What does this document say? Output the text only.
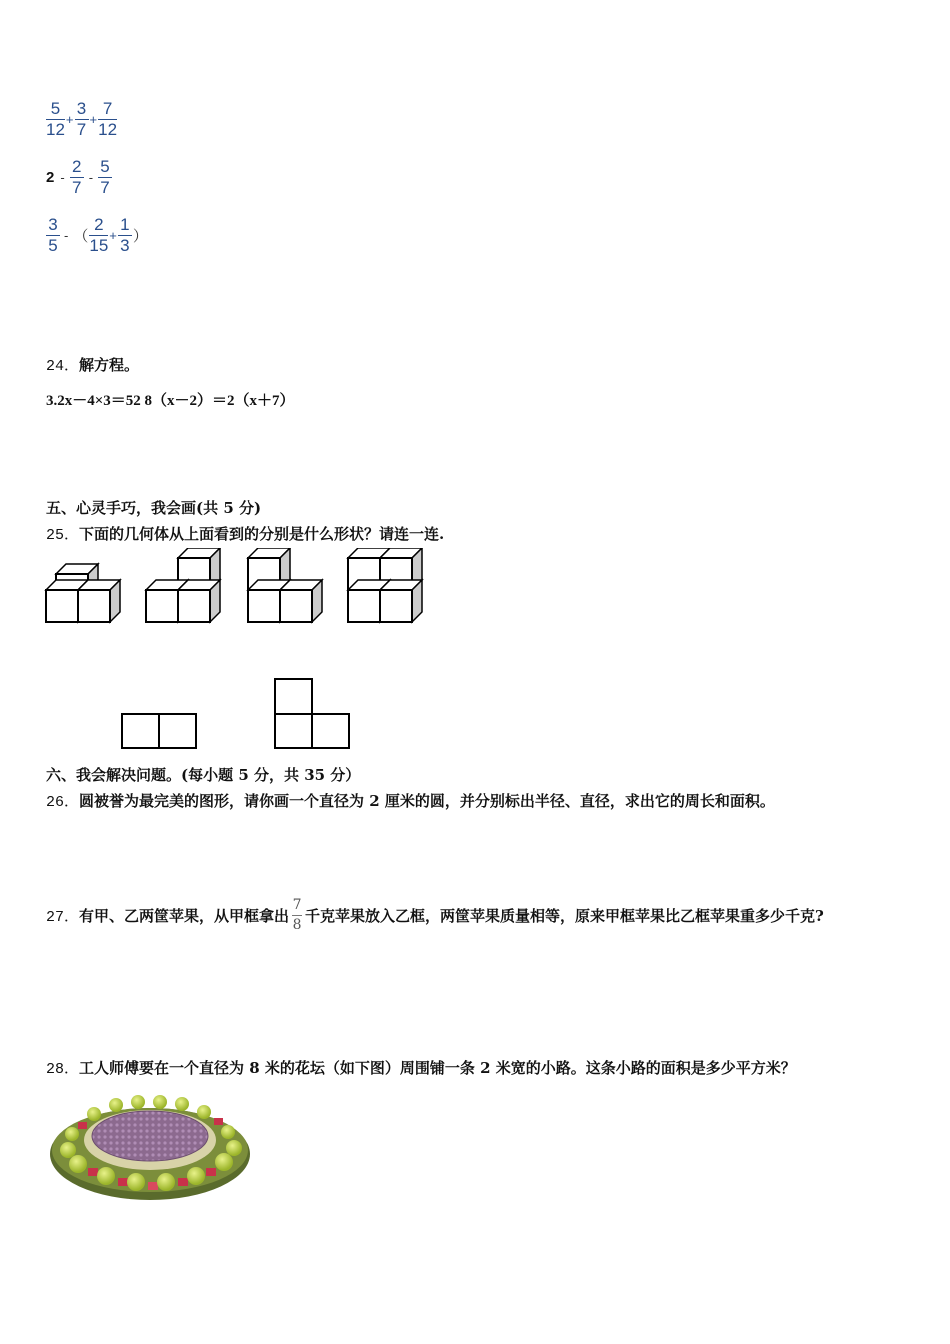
$\frac{5}{12} + \frac{3}{7} + \frac{7}{12}$
$2 - \frac{2}{7} - \frac{5}{7}$
$\frac{3}{5}$ - （ $\frac{2}{15} + \frac{1}{3}$ ）
24．解方程。
3.2x－4×3＝52 8（x－2）＝2（x＋7）
五、心灵手巧，我会画(共 5 分)
25．下面的几何体从上面看到的分别是什么形状？请连一连.
六、我会解决问题。(每小题 5 分，共 35 分）
26．圆被誉为最完美的图形，请你画一个直径为 2 厘米的圆，并分别标出半径、直径，求出它的周长和面积。
27． 有甲、乙两筐苹果，从甲框拿出 $\frac{7}{8}$ 千克苹果放入乙框，两筐苹果质量相等，原来甲框苹果比乙框苹果重多少千克?
28．工人师傅要在一个直径为 8 米的花坛（如下图）周围铺一条 2 米宽的小路。这条小路的面积是多少平方米？
